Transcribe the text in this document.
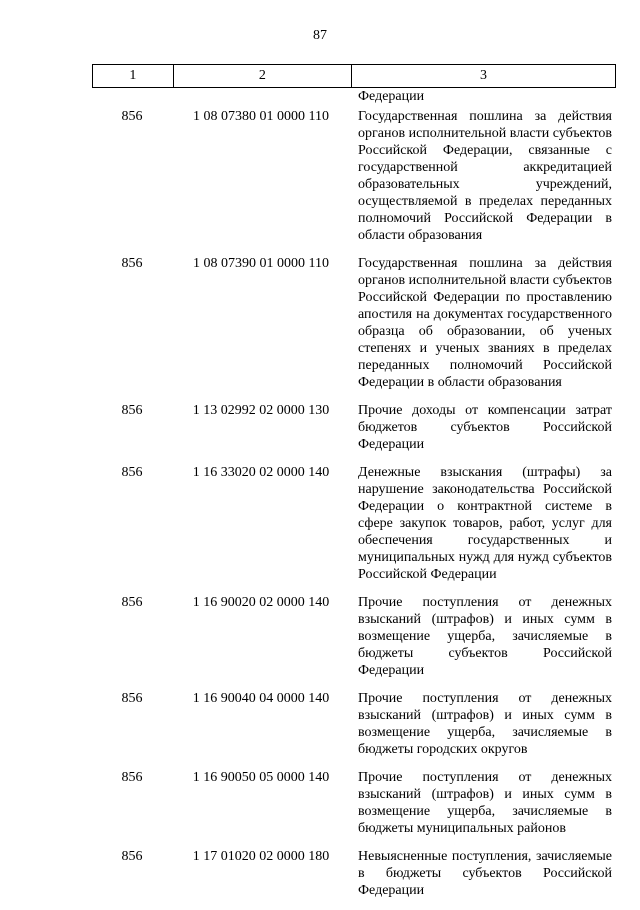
87
1	2	3
Федерации
856	1 08 07380 01 0000 110	Государственная пошлина за действия органов исполнительной власти субъектов Российской Федерации, связанные с государственной аккредитацией образовательных учреждений, осуществляемой в пределах переданных полномочий Российской Федерации в области образования
856	1 08 07390 01 0000 110	Государственная пошлина за действия органов исполнительной власти субъектов Российской Федерации по проставлению апостиля на документах государственного образца об образовании, об ученых степенях и ученых званиях в пределах переданных полномочий Российской Федерации в области образования
856	1 13 02992 02 0000 130	Прочие доходы от компенсации затрат бюджетов субъектов Российской Федерации
856	1 16 33020 02 0000 140	Денежные взыскания (штрафы) за нарушение законодательства Российской Федерации о контрактной системе в сфере закупок товаров, работ, услуг для обеспечения государственных и муниципальных нужд для нужд субъектов Российской Федерации
856	1 16 90020 02 0000 140	Прочие поступления от денежных взысканий (штрафов) и иных сумм в возмещение ущерба, зачисляемые в бюджеты субъектов Российской Федерации
856	1 16 90040 04 0000 140	Прочие поступления от денежных взысканий (штрафов) и иных сумм в возмещение ущерба, зачисляемые в бюджеты городских округов
856	1 16 90050 05 0000 140	Прочие поступления от денежных взысканий (штрафов) и иных сумм в возмещение ущерба, зачисляемые в бюджеты муниципальных районов
856	1 17 01020 02 0000 180	Невыясненные поступления, зачисляемые в бюджеты субъектов Российской Федерации
